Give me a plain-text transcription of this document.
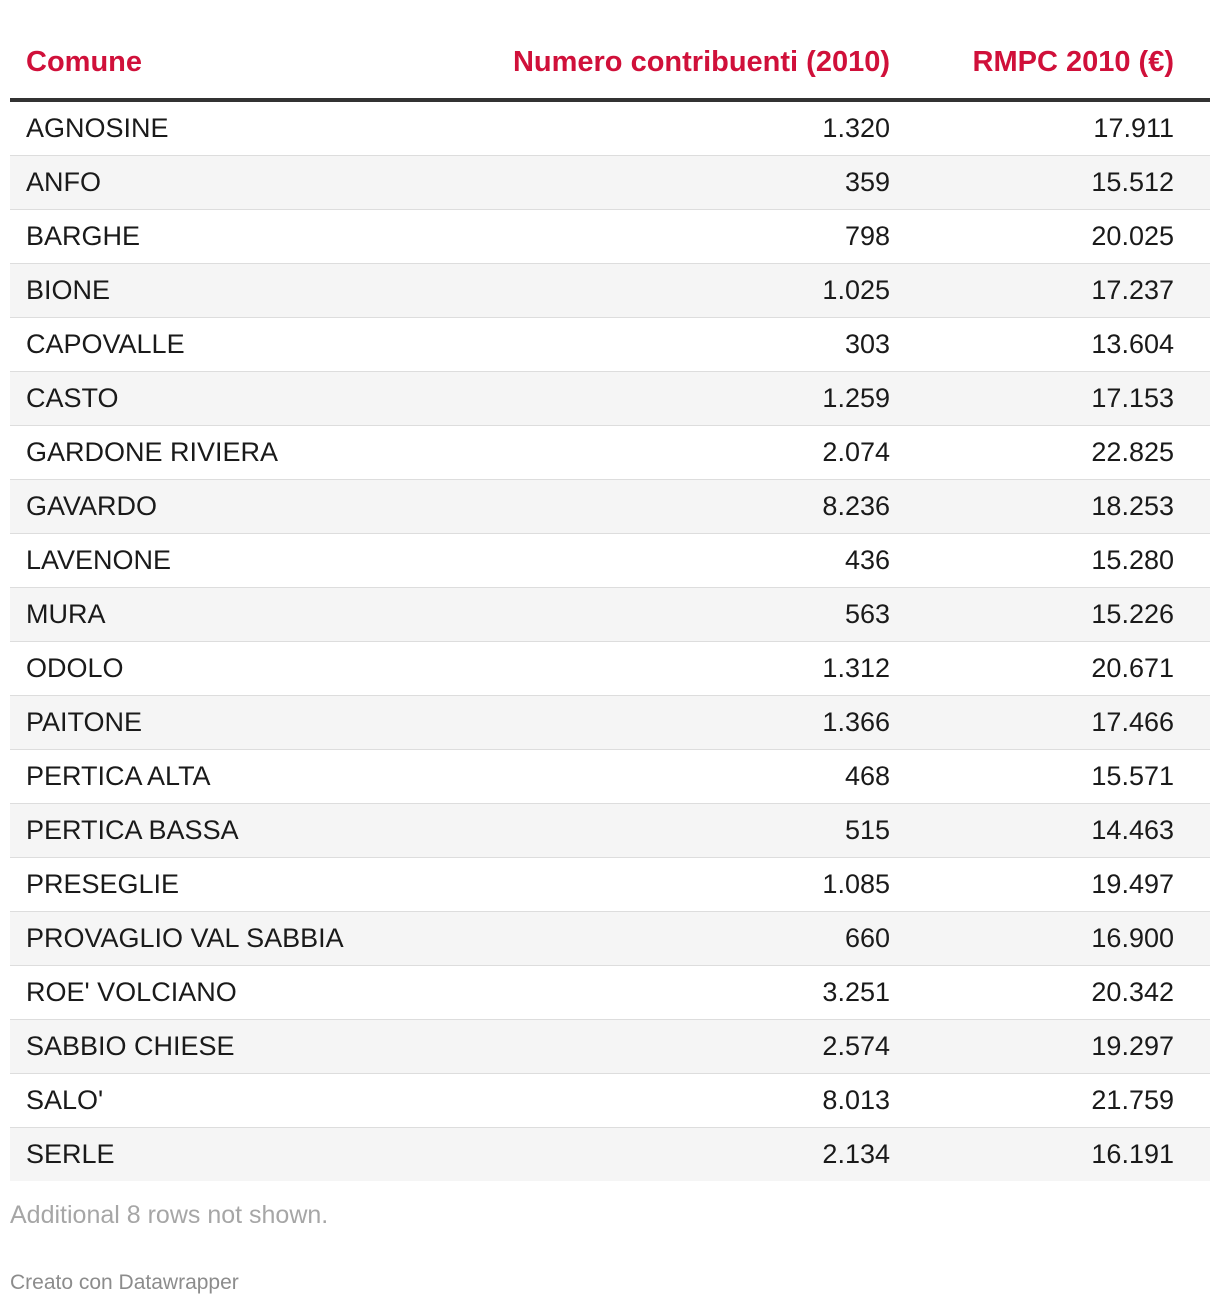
Comune	Numero contribuenti (2010)	RMPC 2010 (€)
AGNOSINE	1.320	17.911
ANFO	359	15.512
BARGHE	798	20.025
BIONE	1.025	17.237
CAPOVALLE	303	13.604
CASTO	1.259	17.153
GARDONE RIVIERA	2.074	22.825
GAVARDO	8.236	18.253
LAVENONE	436	15.280
MURA	563	15.226
ODOLO	1.312	20.671
PAITONE	1.366	17.466
PERTICA ALTA	468	15.571
PERTICA BASSA	515	14.463
PRESEGLIE	1.085	19.497
PROVAGLIO VAL SABBIA	660	16.900
ROE' VOLCIANO	3.251	20.342
SABBIO CHIESE	2.574	19.297
SALO'	8.013	21.759
SERLE	2.134	16.191
Additional 8 rows not shown.
Creato con Datawrapper
